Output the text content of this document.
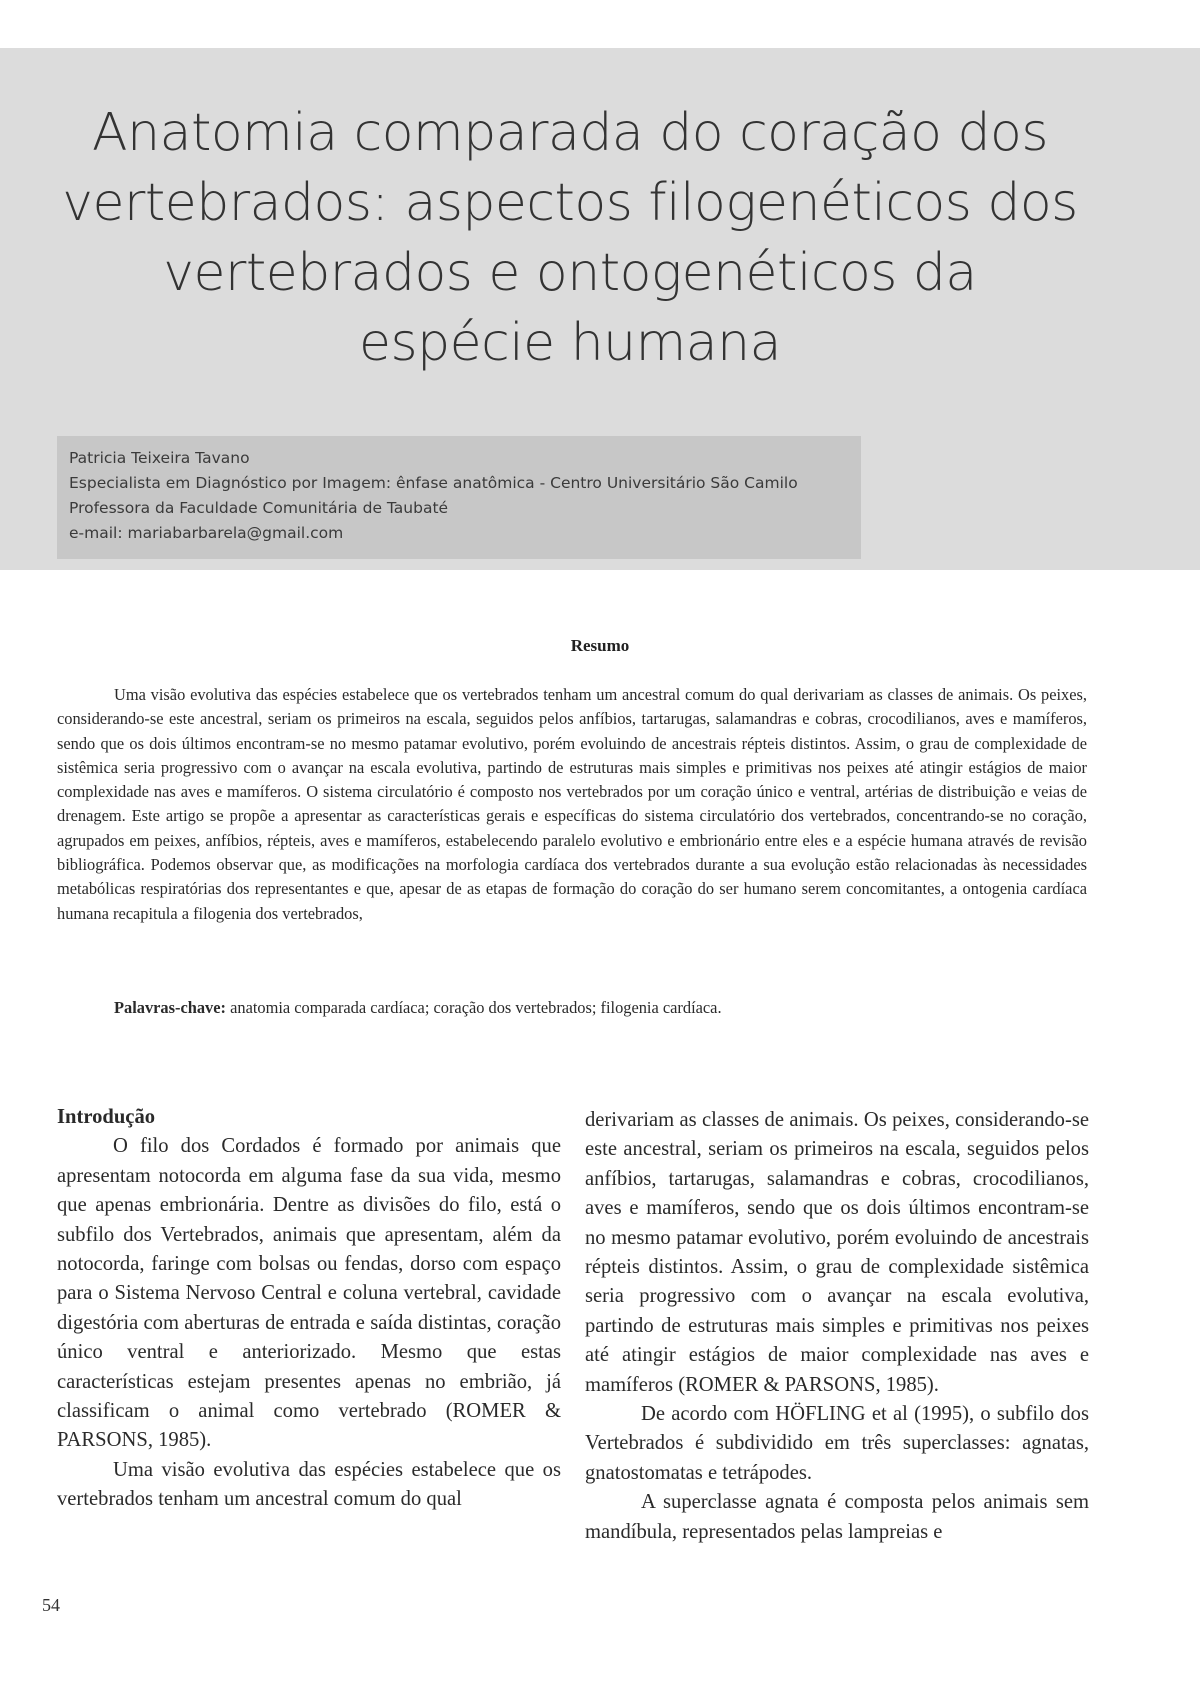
Anatomia comparada do coração dos vertebrados: aspectos filogenéticos dos vertebrados e ontogenéticos da espécie humana
Patricia Teixeira Tavano
Especialista em Diagnóstico por Imagem: ênfase anatômica - Centro Universitário São Camilo
Professora da Faculdade Comunitária de Taubaté
e-mail: mariabarbarela@gmail.com
Resumo

Uma visão evolutiva das espécies estabelece que os vertebrados tenham um ancestral comum do qual derivariam as classes de animais. Os peixes, considerando-se este ancestral, seriam os primeiros na escala, seguidos pelos anfíbios, tartarugas, salamandras e cobras, crocodilianos, aves e mamíferos, sendo que os dois últimos encontram-se no mesmo patamar evolutivo, porém evoluindo de ancestrais répteis distintos. Assim, o grau de complexidade de sistêmica seria progressivo com o avançar na escala evolutiva, partindo de estruturas mais simples e primitivas nos peixes até atingir estágios de maior complexidade nas aves e mamíferos. O sistema circulatório é composto nos vertebrados por um coração único e ventral, artérias de distribuição e veias de drenagem. Este artigo se propõe a apresentar as características gerais e específicas do sistema circulatório dos vertebrados, concentrando-se no coração, agrupados em peixes, anfíbios, répteis, aves e mamíferos, estabelecendo paralelo evolutivo e embrionário entre eles e a espécie humana através de revisão bibliográfica. Podemos observar que, as modificações na morfologia cardíaca dos vertebrados durante a sua evolução estão relacionadas às necessidades metabólicas respiratórias dos representantes e que, apesar de as etapas de formação do coração do ser humano serem concomitantes, a ontogenia cardíaca humana recapitula a filogenia dos vertebrados,

Palavras-chave: anatomia comparada cardíaca; coração dos vertebrados; filogenia cardíaca.

Introdução

O filo dos Cordados é formado por animais que apresentam notocorda em alguma fase da sua vida, mesmo que apenas embrionária. Dentre as divisões do filo, está o subfilo dos Vertebrados, animais que apresentam, além da notocorda, faringe com bolsas ou fendas, dorso com espaço para o Sistema Nervoso Central e coluna vertebral, cavidade digestória com aberturas de entrada e saída distintas, coração único ventral e anteriorizado. Mesmo que estas características estejam presentes apenas no embrião, já classificam o animal como vertebrado (ROMER & PARSONS, 1985).

Uma visão evolutiva das espécies estabelece que os vertebrados tenham um ancestral comum do qual

derivariam as classes de animais. Os peixes, considerando-se este ancestral, seriam os primeiros na escala, seguidos pelos anfíbios, tartarugas, salamandras e cobras, crocodilianos, aves e mamíferos, sendo que os dois últimos encontram-se no mesmo patamar evolutivo, porém evoluindo de ancestrais répteis distintos. Assim, o grau de complexidade sistêmica seria progressivo com o avançar na escala evolutiva, partindo de estruturas mais simples e primitivas nos peixes até atingir estágios de maior complexidade nas aves e mamíferos (ROMER & PARSONS, 1985).

De acordo com HÖFLING et al (1995), o subfilo dos Vertebrados é subdividido em três superclasses: agnatas, gnatostomatas e tetrápodes.

A superclasse agnata é composta pelos animais sem mandíbula, representados pelas lampreias e

54
